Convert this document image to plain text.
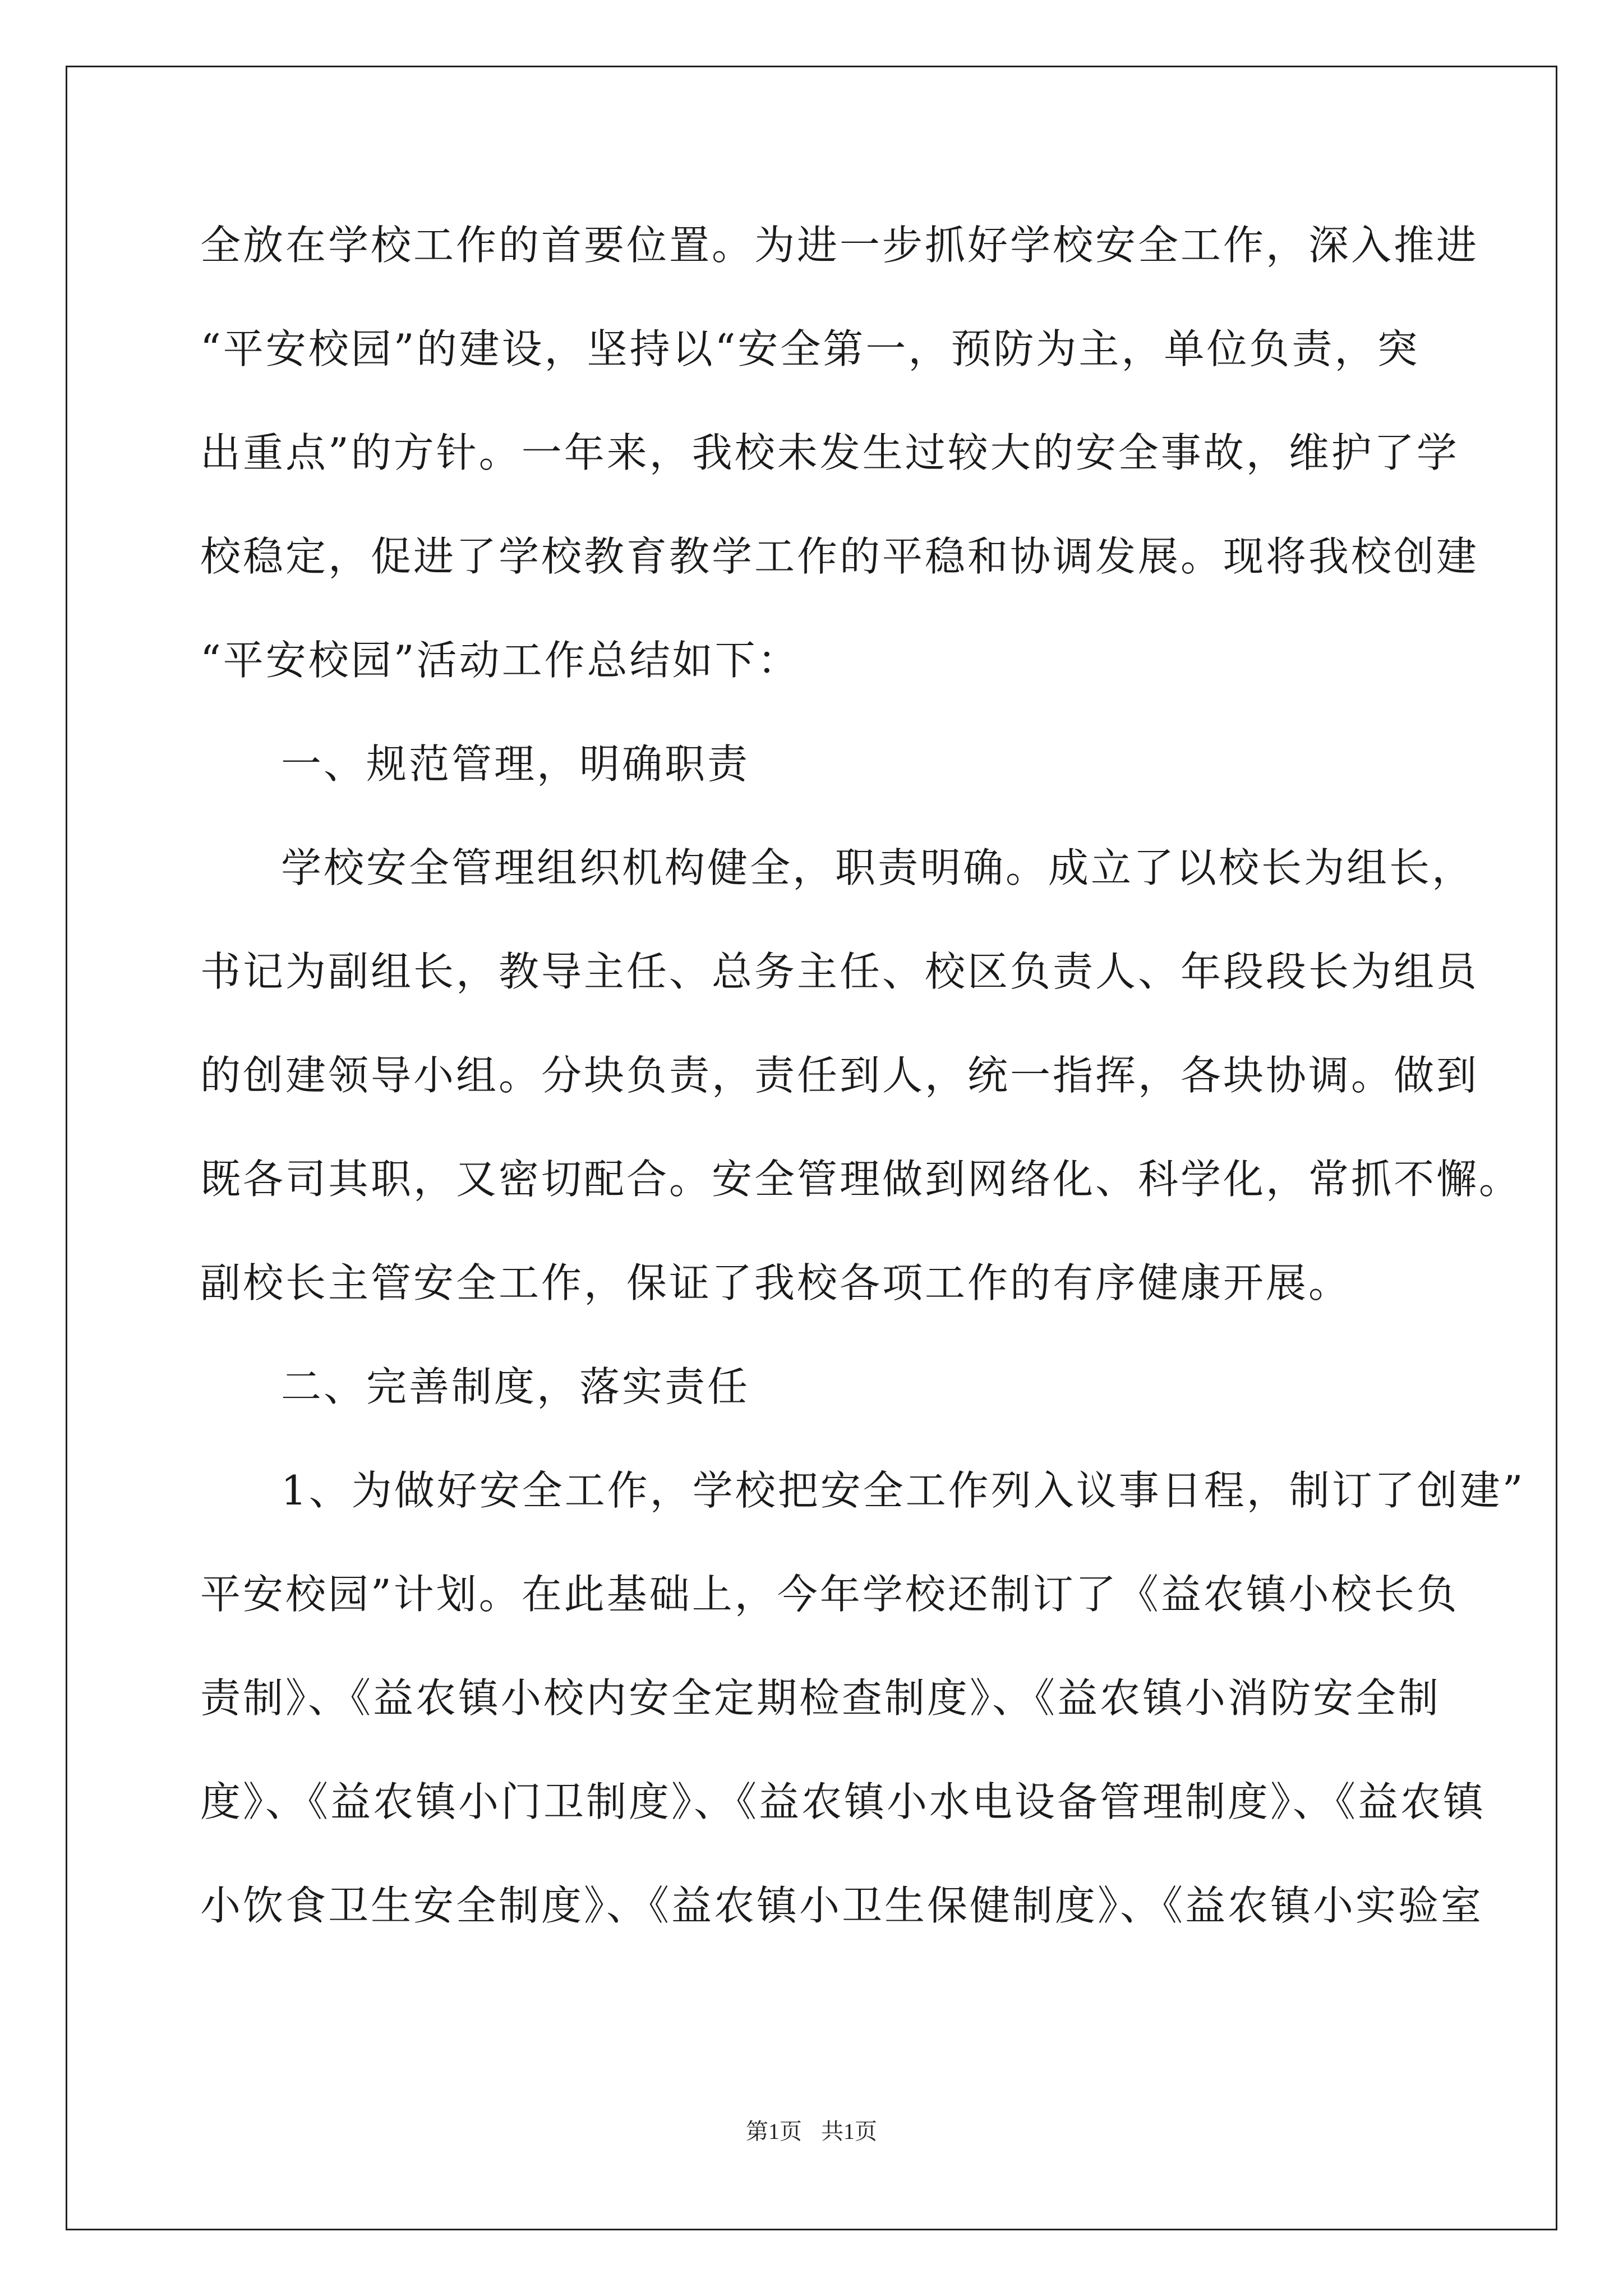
全放在学校工作的首要位置。为进一步抓好学校安全工作，深入推进
“平安校园”的建设，坚持以“安全第一，预防为主，单位负责，突
出重点”的方针。一年来，我校未发生过较大的安全事故，维护了学
校稳定，促进了学校教育教学工作的平稳和协调发展。现将我校创建
“平安校园”活动工作总结如下：
一、规范管理，明确职责
学校安全管理组织机构健全，职责明确。成立了以校长为组长，
书记为副组长，教导主任、总务主任、校区负责人、年段段长为组员
的创建领导小组。分块负责，责任到人，统一指挥，各块协调。做到
既各司其职，又密切配合。安全管理做到网络化、科学化，常抓不懈。
副校长主管安全工作，保证了我校各项工作的有序健康开展。
二、完善制度，落实责任
1、为做好安全工作，学校把安全工作列入议事日程，制订了创建”
平安校园”计划。在此基础上，今年学校还制订了《益农镇小校长负
责制》、《益农镇小校内安全定期检查制度》、《益农镇小消防安全制
度》、《益农镇小门卫制度》、《益农镇小水电设备管理制度》、《益农镇
小饮食卫生安全制度》、《益农镇小卫生保健制度》、《益农镇小实验室
第1页 共1页
